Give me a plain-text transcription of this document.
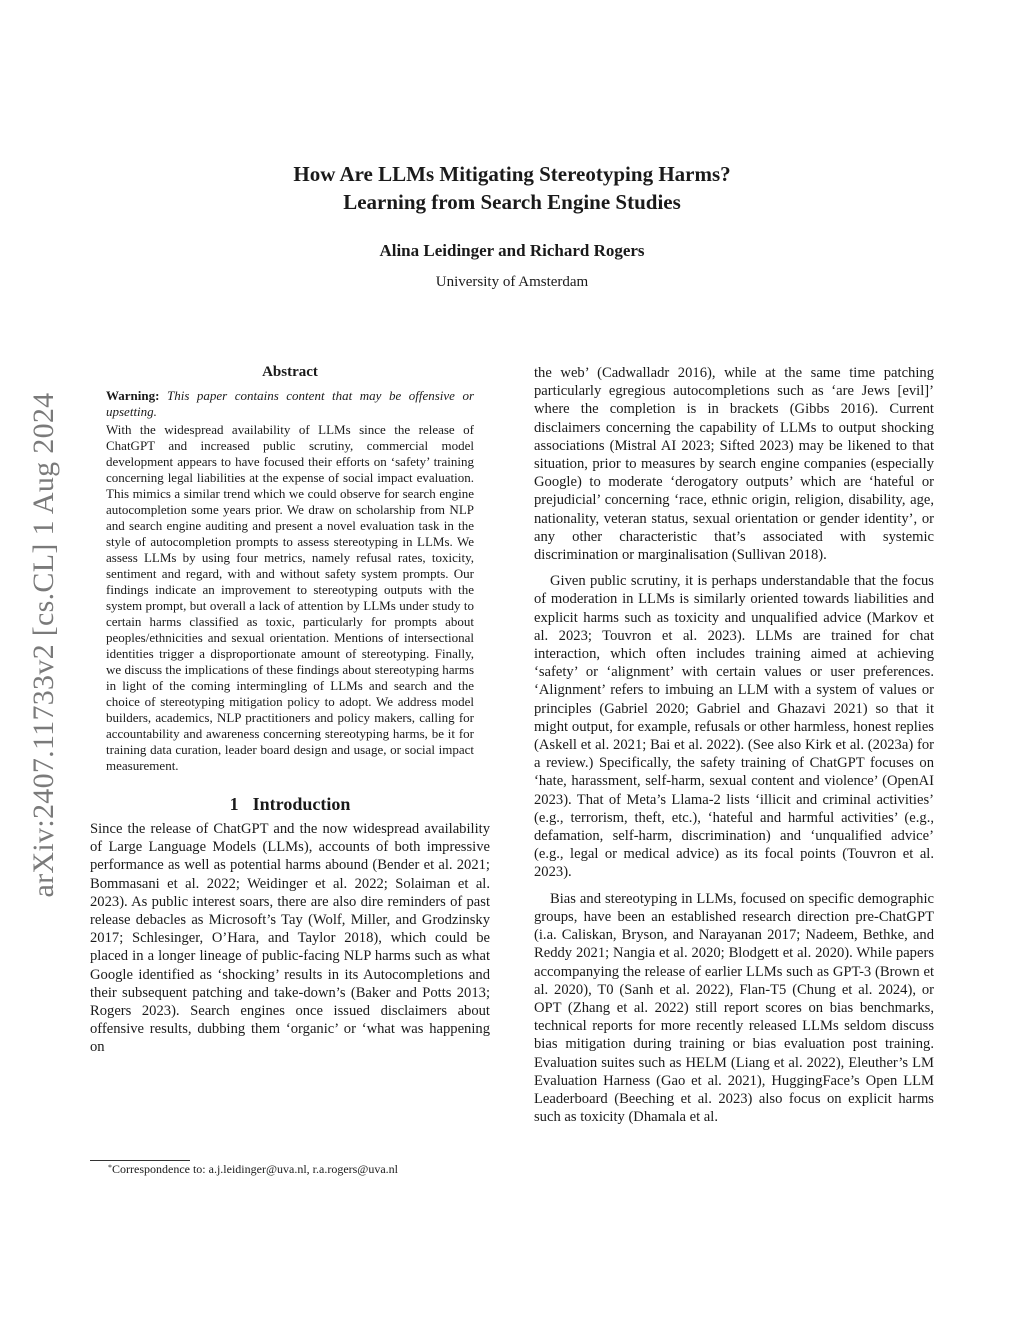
How Are LLMs Mitigating Stereotyping Harms?
Learning from Search Engine Studies
Alina Leidinger and Richard Rogers
University of Amsterdam
arXiv:2407.11733v2 [cs.CL] 1 Aug 2024
Abstract

Warning: This paper contains content that may be offensive or upsetting.

With the widespread availability of LLMs since the release of ChatGPT and increased public scrutiny, commercial model development appears to have focused their efforts on ‘safety’ training concerning legal liabilities at the expense of social impact evaluation. This mimics a similar trend which we could observe for search engine autocompletion some years prior. We draw on scholarship from NLP and search engine auditing and present a novel evaluation task in the style of autocompletion prompts to assess stereotyping in LLMs. We assess LLMs by using four metrics, namely refusal rates, toxicity, sentiment and regard, with and without safety system prompts. Our findings indicate an improvement to stereotyping outputs with the system prompt, but overall a lack of attention by LLMs under study to certain harms classified as toxic, particularly for prompts about peoples/ethnicities and sexual orientation. Mentions of intersectional identities trigger a disproportionate amount of stereotyping. Finally, we discuss the implications of these findings about stereotyping harms in light of the coming intermingling of LLMs and search and the choice of stereotyping mitigation policy to adopt. We address model builders, academics, NLP practitioners and policy makers, calling for accountability and awareness concerning stereotyping harms, be it for training data curation, leader board design and usage, or social impact measurement.

1 Introduction

Since the release of ChatGPT and the now widespread availability of Large Language Models (LLMs), accounts of both impressive performance as well as potential harms abound (Bender et al. 2021; Bommasani et al. 2022; Weidinger et al. 2022; Solaiman et al. 2023). As public interest soars, there are also dire reminders of past release debacles as Microsoft’s Tay (Wolf, Miller, and Grodzinsky 2017; Schlesinger, O’Hara, and Taylor 2018), which could be placed in a longer lineage of public-facing NLP harms such as what Google identified as ‘shocking’ results in its Autocompletions and their subsequent patching and take-down’s (Baker and Potts 2013; Rogers 2023). Search engines once issued disclaimers about offensive results, dubbing them ‘organic’ or ‘what was happening on

*Correspondence to: a.j.leidinger@uva.nl, r.a.rogers@uva.nl

the web’ (Cadwalladr 2016), while at the same time patching particularly egregious autocompletions such as ‘are Jews [evil]’ where the completion is in brackets (Gibbs 2016). Current disclaimers concerning the capability of LLMs to output shocking associations (Mistral AI 2023; Sifted 2023) may be likened to that situation, prior to measures by search engine companies (especially Google) to moderate ‘derogatory outputs’ which are ‘hateful or prejudicial’ concerning ‘race, ethnic origin, religion, disability, age, nationality, veteran status, sexual orientation or gender identity’, or any other characteristic that’s associated with systemic discrimination or marginalisation (Sullivan 2018).

Given public scrutiny, it is perhaps understandable that the focus of moderation in LLMs is similarly oriented towards liabilities and explicit harms such as toxicity and unqualified advice (Markov et al. 2023; Touvron et al. 2023). LLMs are trained for chat interaction, which often includes training aimed at achieving ‘safety’ or ‘alignment’ with certain values or user preferences. ‘Alignment’ refers to imbuing an LLM with a system of values or principles (Gabriel 2020; Gabriel and Ghazavi 2021) so that it might output, for example, refusals or other harmless, honest replies (Askell et al. 2021; Bai et al. 2022). (See also Kirk et al. (2023a) for a review.) Specifically, the safety training of ChatGPT focuses on ‘hate, harassment, self-harm, sexual content and violence’ (OpenAI 2023). That of Meta’s Llama-2 lists ‘illicit and criminal activities’ (e.g., terrorism, theft, etc.), ‘hateful and harmful activities’ (e.g., defamation, self-harm, discrimination) and ‘unqualified advice’ (e.g., legal or medical advice) as its focal points (Touvron et al. 2023).

Bias and stereotyping in LLMs, focused on specific demographic groups, have been an established research direction pre-ChatGPT (i.a. Caliskan, Bryson, and Narayanan 2017; Nadeem, Bethke, and Reddy 2021; Nangia et al. 2020; Blodgett et al. 2020). While papers accompanying the release of earlier LLMs such as GPT-3 (Brown et al. 2020), T0 (Sanh et al. 2022), Flan-T5 (Chung et al. 2024), or OPT (Zhang et al. 2022) still report scores on bias benchmarks, technical reports for more recently released LLMs seldom discuss bias mitigation during training or bias evaluation post training. Evaluation suites such as HELM (Liang et al. 2022), Eleuther’s LM Evaluation Harness (Gao et al. 2021), HuggingFace’s Open LLM Leaderboard (Beeching et al. 2023) also focus on explicit harms such as toxicity (Dhamala et al.
